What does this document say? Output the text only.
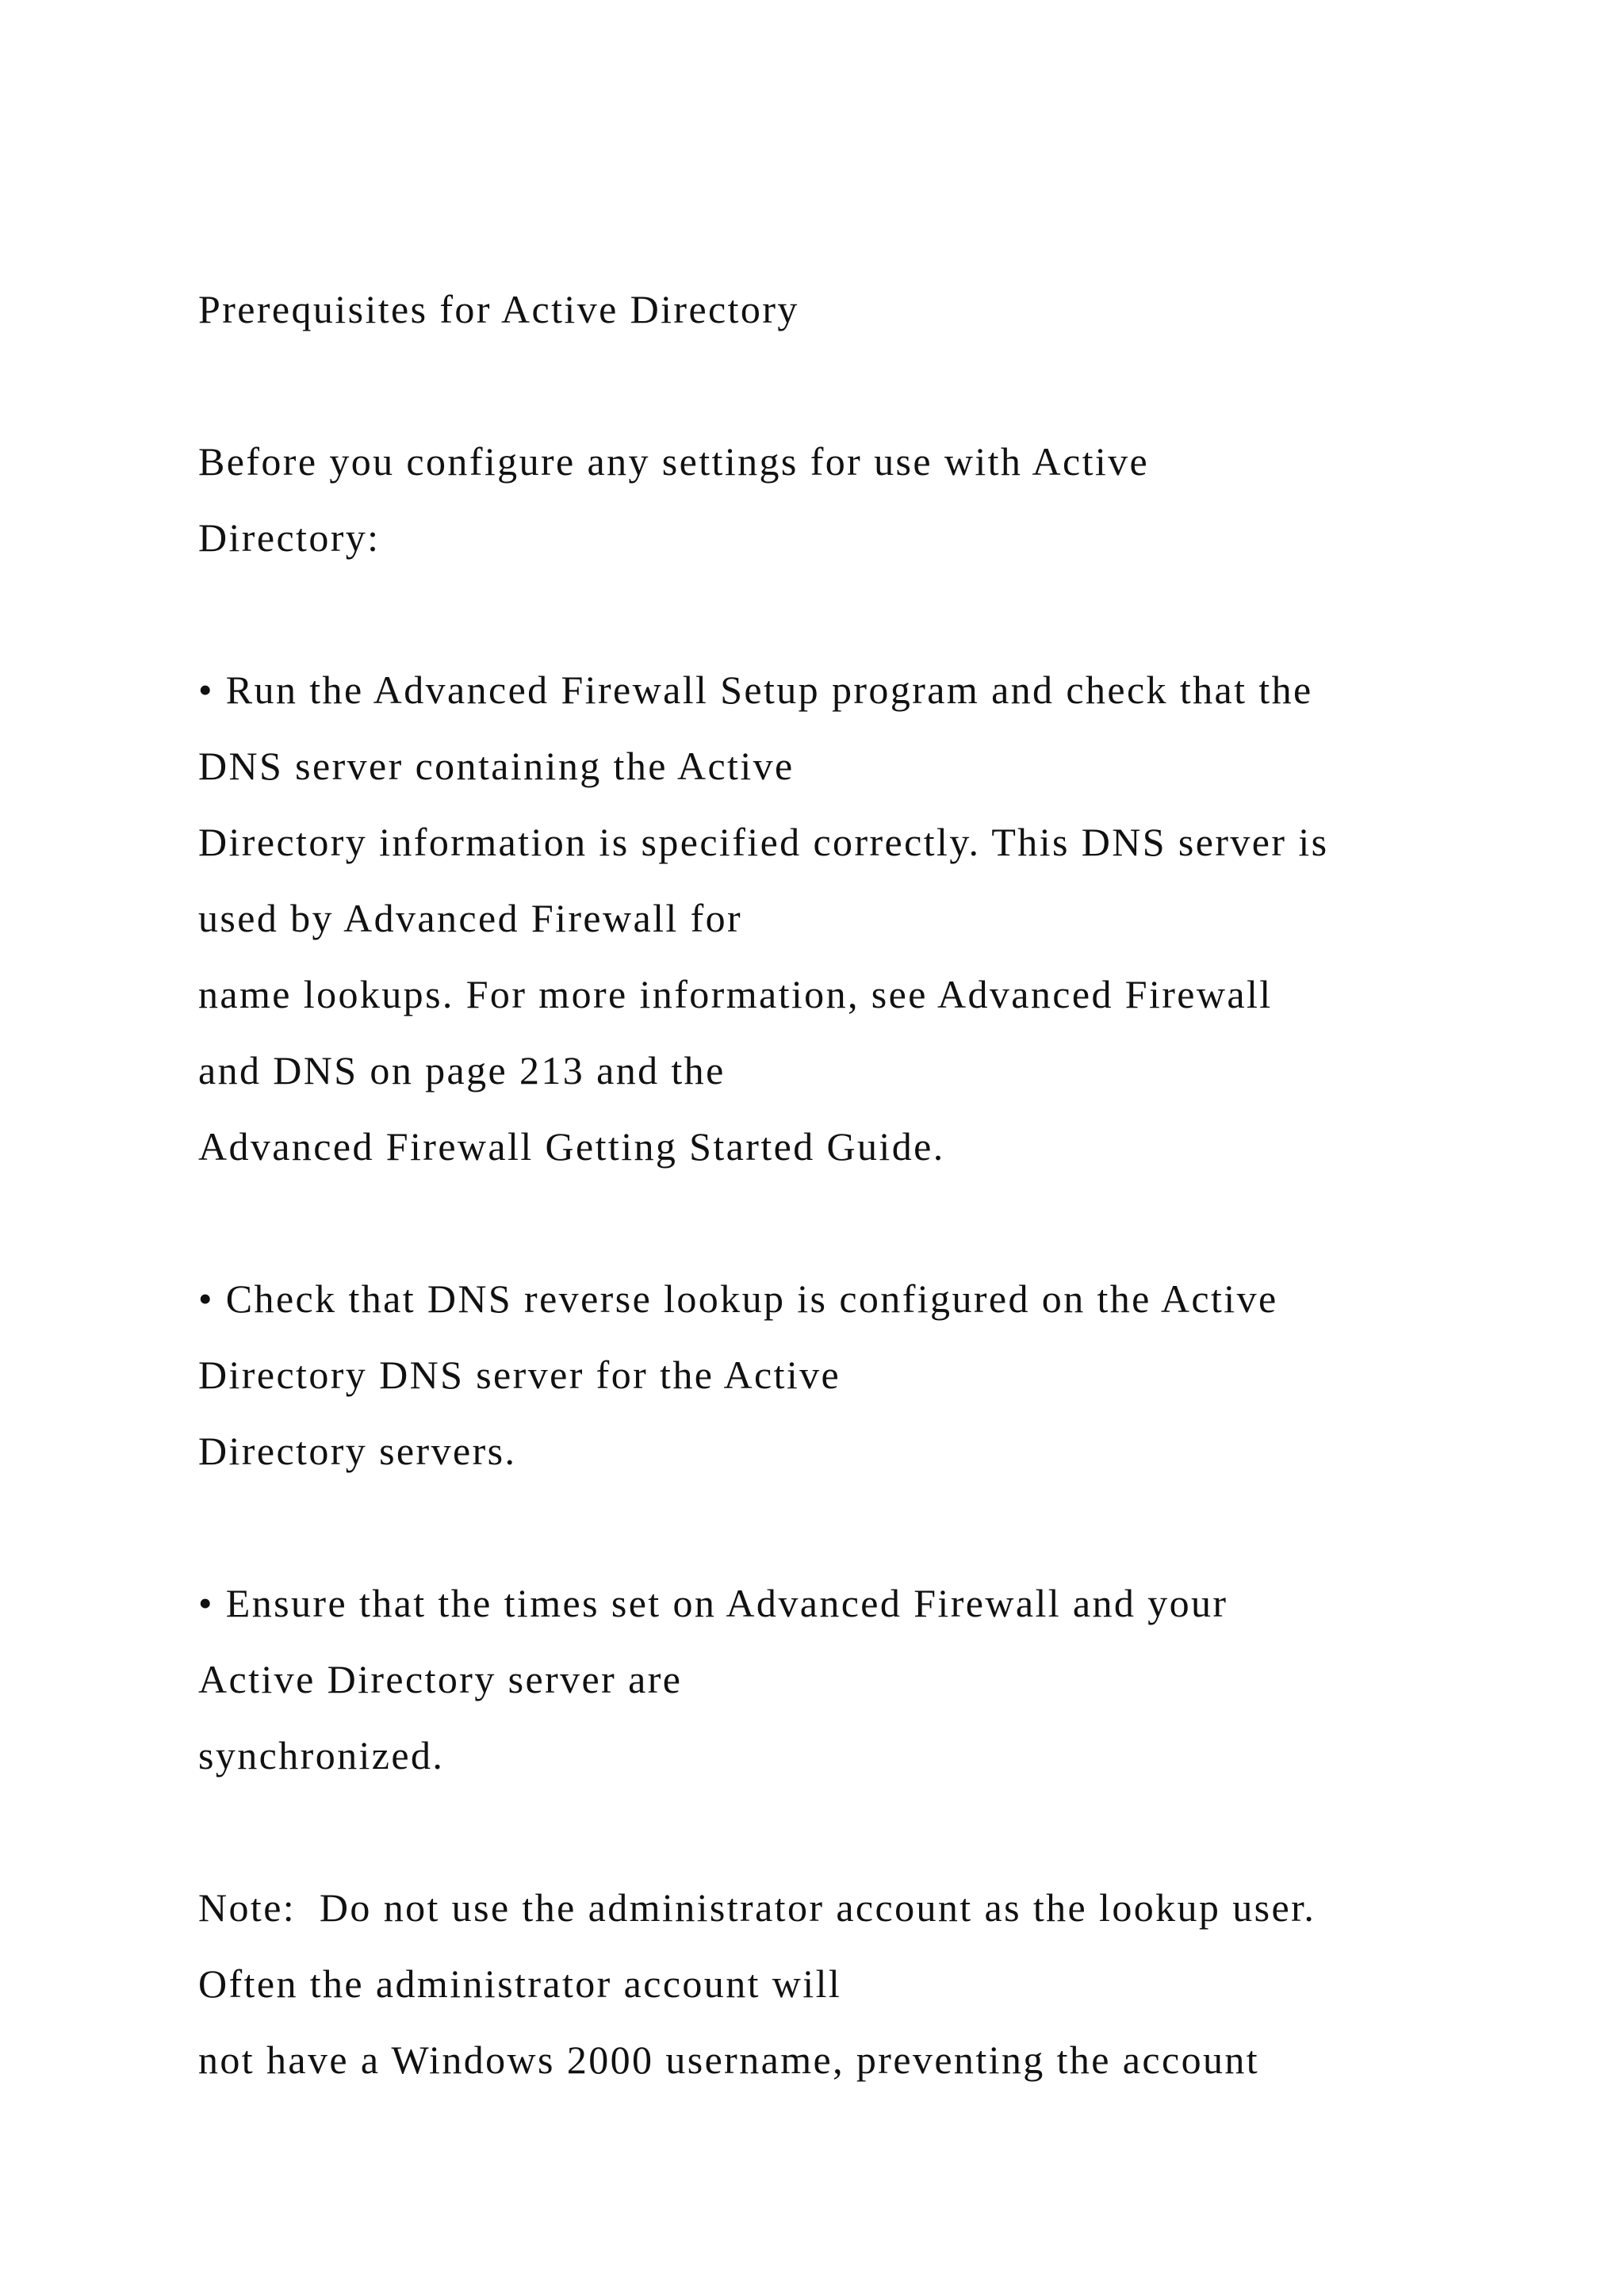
Prerequisites for Active Directory
Before you configure any settings for use with Active
Directory:
• Run the Advanced Firewall Setup program and check that the
DNS server containing the Active
Directory information is specified correctly. This DNS server is
used by Advanced Firewall for
name lookups. For more information, see Advanced Firewall
and DNS on page 213 and the
Advanced Firewall Getting Started Guide.
• Check that DNS reverse lookup is configured on the Active
Directory DNS server for the Active
Directory servers.
• Ensure that the times set on Advanced Firewall and your
Active Directory server are
synchronized.
Note:  Do not use the administrator account as the lookup user.
Often the administrator account will
not have a Windows 2000 username, preventing the account
